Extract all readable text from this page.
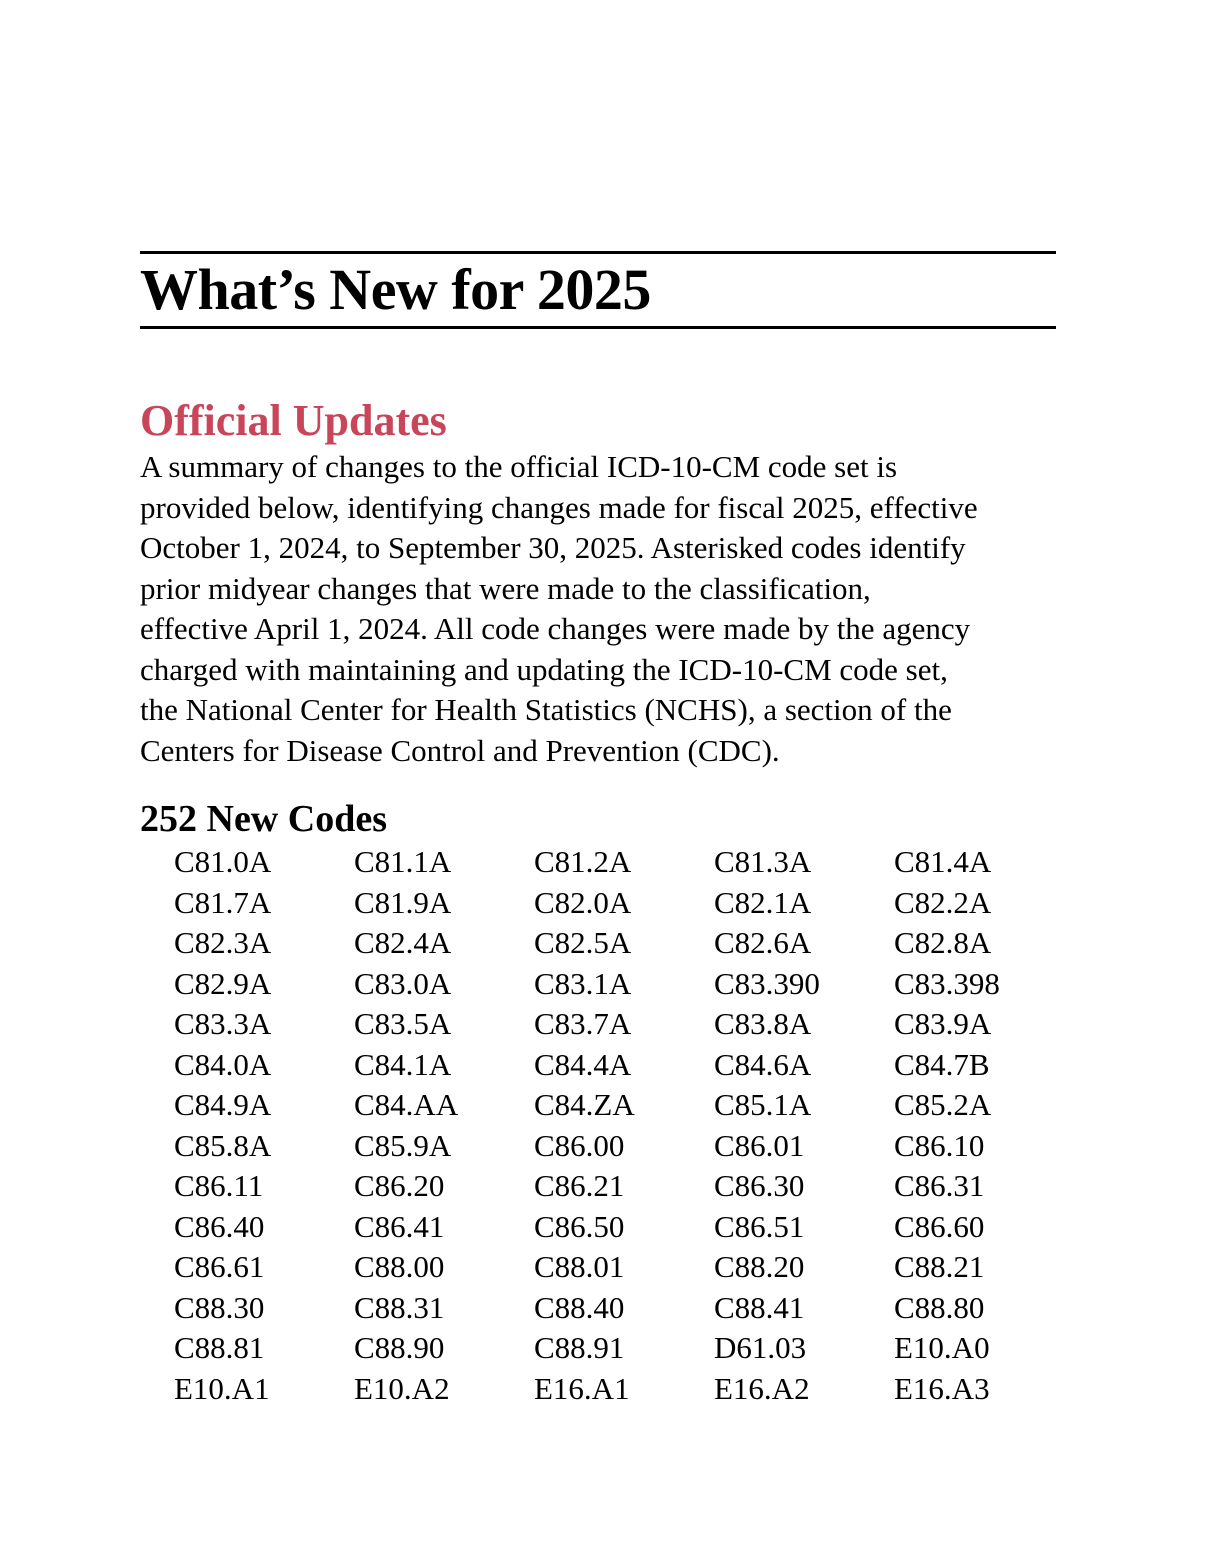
What’s New for 2025
Official Updates

A summary of changes to the official ICD-10-CM code set is
provided below, identifying changes made for fiscal 2025, effective
October 1, 2024, to September 30, 2025. Asterisked codes identify
prior midyear changes that were made to the classification,
effective April 1, 2024. All code changes were made by the agency
charged with maintaining and updating the ICD-10-CM code set,
the National Center for Health Statistics (NCHS), a section of the
Centers for Disease Control and Prevention (CDC).

252 New Codes
C81.0A	C81.1A	C81.2A	C81.3A	C81.4A
C81.7A	C81.9A	C82.0A	C82.1A	C82.2A
C82.3A	C82.4A	C82.5A	C82.6A	C82.8A
C82.9A	C83.0A	C83.1A	C83.390	C83.398
C83.3A	C83.5A	C83.7A	C83.8A	C83.9A
C84.0A	C84.1A	C84.4A	C84.6A	C84.7B
C84.9A	C84.AA	C84.ZA	C85.1A	C85.2A
C85.8A	C85.9A	C86.00	C86.01	C86.10
C86.11	C86.20	C86.21	C86.30	C86.31
C86.40	C86.41	C86.50	C86.51	C86.60
C86.61	C88.00	C88.01	C88.20	C88.21
C88.30	C88.31	C88.40	C88.41	C88.80
C88.81	C88.90	C88.91	D61.03	E10.A0
E10.A1	E10.A2	E16.A1	E16.A2	E16.A3
